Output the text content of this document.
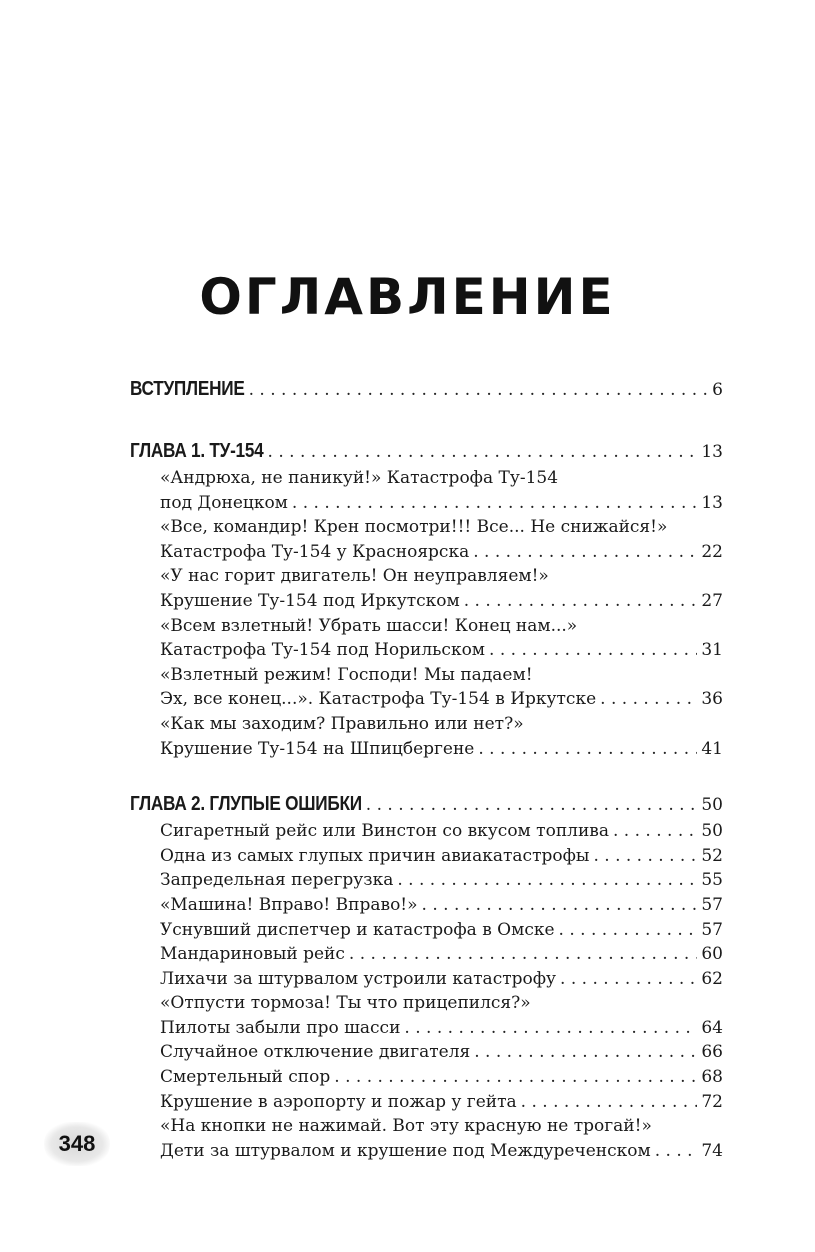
ОГЛАВЛЕНИЕ
ВСТУПЛЕНИЕ . . .	6
ГЛАВА 1. ТУ-154 . . .	13
«Андрюха, не паникуй!» Катастрофа Ту-154
под Донецком . . .	13
«Все, командир! Крен посмотри!!! Все... Не снижайся!»
Катастрофа Ту-154 у Красноярска . . .	22
«У нас горит двигатель! Он неуправляем!»
Крушение Ту-154 под Иркутском . . .	27
«Всем взлетный! Убрать шасси! Конец нам...»
Катастрофа Ту-154 под Норильском . . .	31
«Взлетный режим! Господи! Мы падаем!
Эх, все конец...». Катастрофа Ту-154 в Иркутске . . .	36
«Как мы заходим? Правильно или нет?»
Крушение Ту-154 на Шпицбергене . . .	41
ГЛАВА 2. ГЛУПЫЕ ОШИБКИ . . .	50
Сигаретный рейс или Винстон со вкусом топлива . . .	50
Одна из самых глупых причин авиакатастрофы . . .	52
Запредельная перегрузка . . .	55
«Машина! Вправо! Вправо!» . . .	57
Уснувший диспетчер и катастрофа в Омске . . .	57
Мандариновый рейс . . .	60
Лихачи за штурвалом устроили катастрофу . . .	62
«Отпусти тормоза! Ты что прицепился?»
Пилоты забыли про шасси . . .	64
Случайное отключение двигателя . . .	66
Смертельный спор . . .	68
Крушение в аэропорту и пожар у гейта . . .	72
«На кнопки не нажимай. Вот эту красную не трогай!»
Дети за штурвалом и крушение под Междуреченском . . .	74
348
